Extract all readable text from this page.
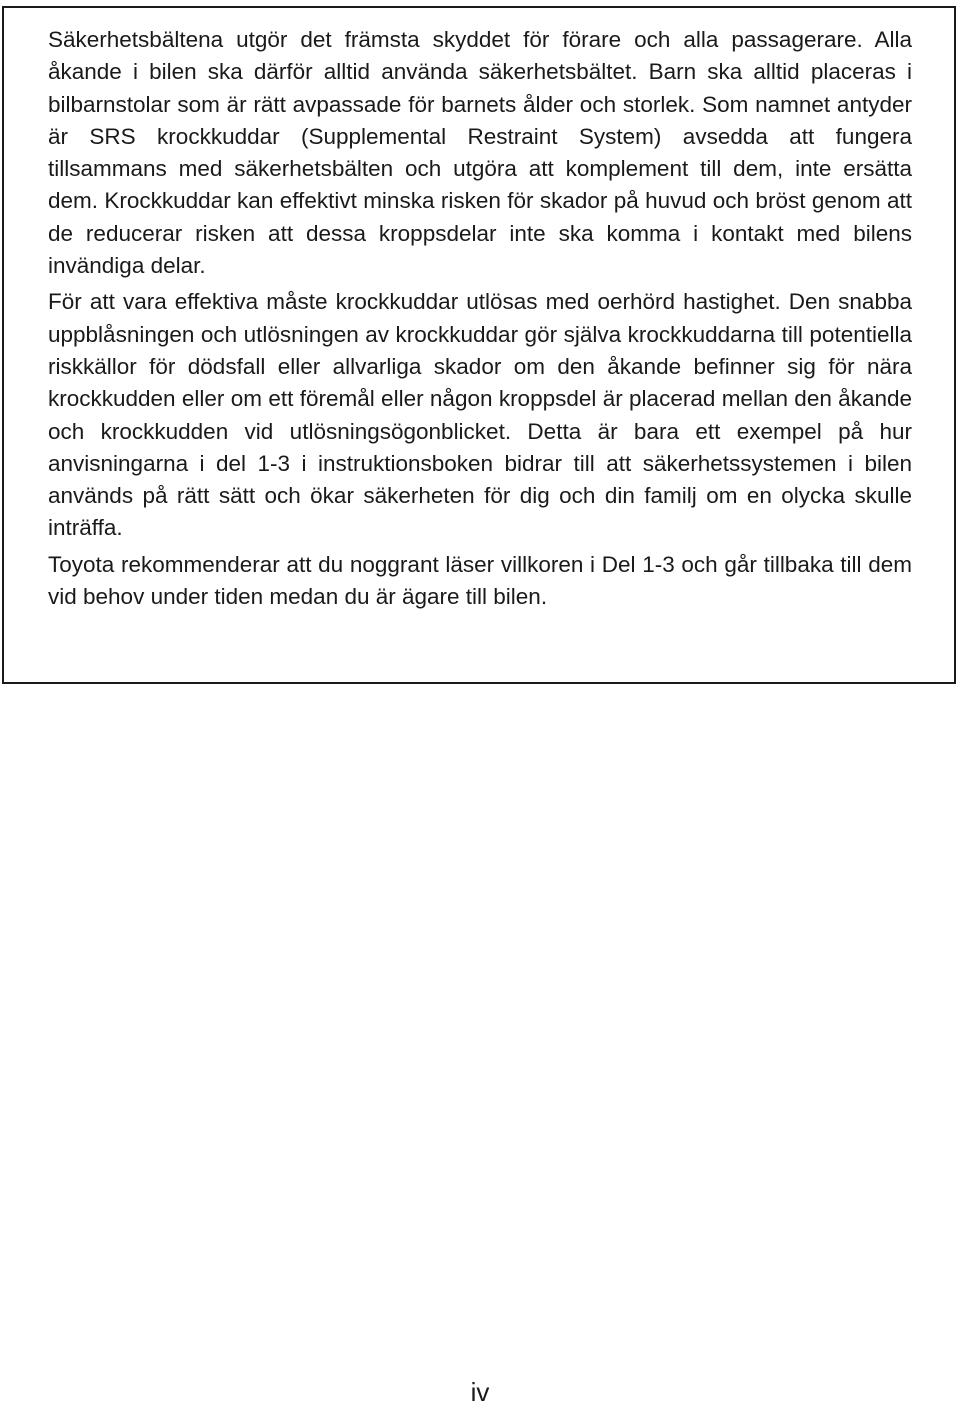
Säkerhetsbältena utgör det främsta skyddet för förare och alla passagerare. Alla åkande i bilen ska därför alltid använda säkerhetsbältet. Barn ska alltid placeras i bilbarnstolar som är rätt avpassade för barnets ålder och storlek. Som namnet antyder är SRS krockkuddar (Supplemental Restraint System) avsedda att fungera tillsammans med säkerhetsbälten och utgöra att komplement till dem, inte ersätta dem. Krockkuddar kan effektivt minska risken för skador på huvud och bröst genom att de reducerar risken att dessa kroppsdelar inte ska komma i kontakt med bilens invändiga delar.

För att vara effektiva måste krockkuddar utlösas med oerhörd hastighet. Den snabba uppblåsningen och utlösningen av krockkuddar gör själva krockkuddarna till potentiella riskkällor för dödsfall eller allvarliga skador om den åkande befinner sig för nära krockkudden eller om ett föremål eller någon kroppsdel är placerad mellan den åkande och krockkudden vid utlösningsögonblicket. Detta är bara ett exempel på hur anvisningarna i del 1-3 i instruktionsboken bidrar till att säkerhetssystemen i bilen används på rätt sätt och ökar säkerheten för dig och din familj om en olycka skulle inträffa.

Toyota rekommenderar att du noggrant läser villkoren i Del 1-3 och går tillbaka till dem vid behov under tiden medan du är ägare till bilen.

iv
